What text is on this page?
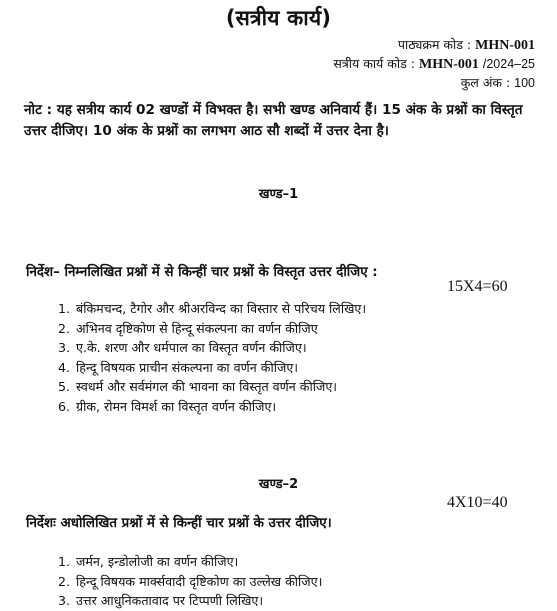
(सत्रीय कार्य)
पाठ्यक्रम कोड : MHN-001
सत्रीय कार्य कोड : MHN-001 /2024–25
कुल अंक : 100
नोट : यह सत्रीय कार्य 02 खण्डों में विभक्त है। सभी खण्ड अनिवार्य हैं। 15 अंक के प्रश्नों का विस्तृत उत्तर दीजिए। 10 अंक के प्रश्नों का लगभग आठ सौ शब्दों में उत्तर देना है।
खण्ड–1
निर्देश– निम्नलिखित प्रश्नों में से किन्हीं चार प्रश्नों के विस्तृत उत्तर दीजिए :
15X4=60
1. बंकिमचन्द, टैगोर और श्रीअरविन्द का विस्तार से परिचय लिखिए।
2. अभिनव दृष्टिकोण से हिन्दू संकल्पना का वर्णन कीजिए
3. ए.के. शरण और धर्मपाल का विस्तृत वर्णन कीजिए।
4. हिन्दू विषयक प्राचीन संकल्पना का वर्णन कीजिए।
5. स्वधर्म और सर्वमंगल की भावना का विस्तृत वर्णन कीजिए।
6. ग्रीक, रोमन विमर्श का विस्तृत वर्णन कीजिए।
खण्ड–2
4X10=40
निर्देशः अधोलिखित प्रश्नों में से किन्हीं चार प्रश्नों के उत्तर दीजिए।
1. जर्मन, इन्डोलोजी का वर्णन कीजिए।
2. हिन्दू विषयक मार्क्सवादी दृष्टिकोण का उल्लेख कीजिए।
3. उत्तर आधुनिकतावाद पर टिप्पणी लिखिए।
